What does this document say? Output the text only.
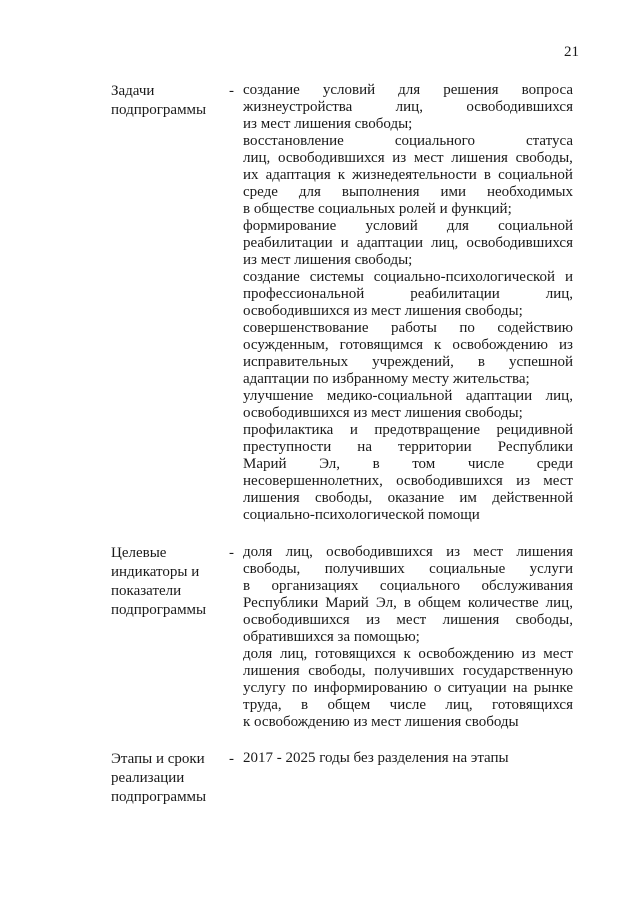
21
Задачи
подпрограммы
- создание условий для решения вопроса
жизнеустройства	лиц,	освободившихся
из мест лишения свободы;
восстановление	социального	статуса
лиц, освободившихся из мест лишения свободы,
их адаптация к жизнедеятельности в социальной
среде для выполнения ими необходимых
в обществе социальных ролей и функций;
формирование условий для социальной
реабилитации и адаптации лиц, освободившихся
из мест лишения свободы;
создание системы социально-психологической и
профессиональной	реабилитации	лиц,
освободившихся из мест лишения свободы;
совершенствование работы по содействию
осужденным, готовящимся к освобождению из
исправительных учреждений, в успешной
адаптации по избранному месту жительства;
улучшение медико-социальной адаптации лиц,
освободившихся из мест лишения свободы;
профилактика и предотвращение рецидивной
преступности на территории Республики
Марий Эл, в том числе среди
несовершеннолетних, освободившихся из мест
лишения свободы, оказание им действенной
социально-психологической помощи
Целевые
индикаторы и
показатели
подпрограммы
- доля лиц, освободившихся из мест лишения
свободы, получивших социальные услуги
в организациях социального обслуживания
Республики Марий Эл, в общем количестве лиц,
освободившихся из мест лишения свободы,
обратившихся за помощью;
доля лиц, готовящихся к освобождению из мест
лишения свободы, получивших государственную
услугу по информированию о ситуации на рынке
труда, в общем числе лиц, готовящихся
к освобождению из мест лишения свободы
Этапы и сроки
реализации
подпрограммы
- 2017 - 2025 годы без разделения на этапы
